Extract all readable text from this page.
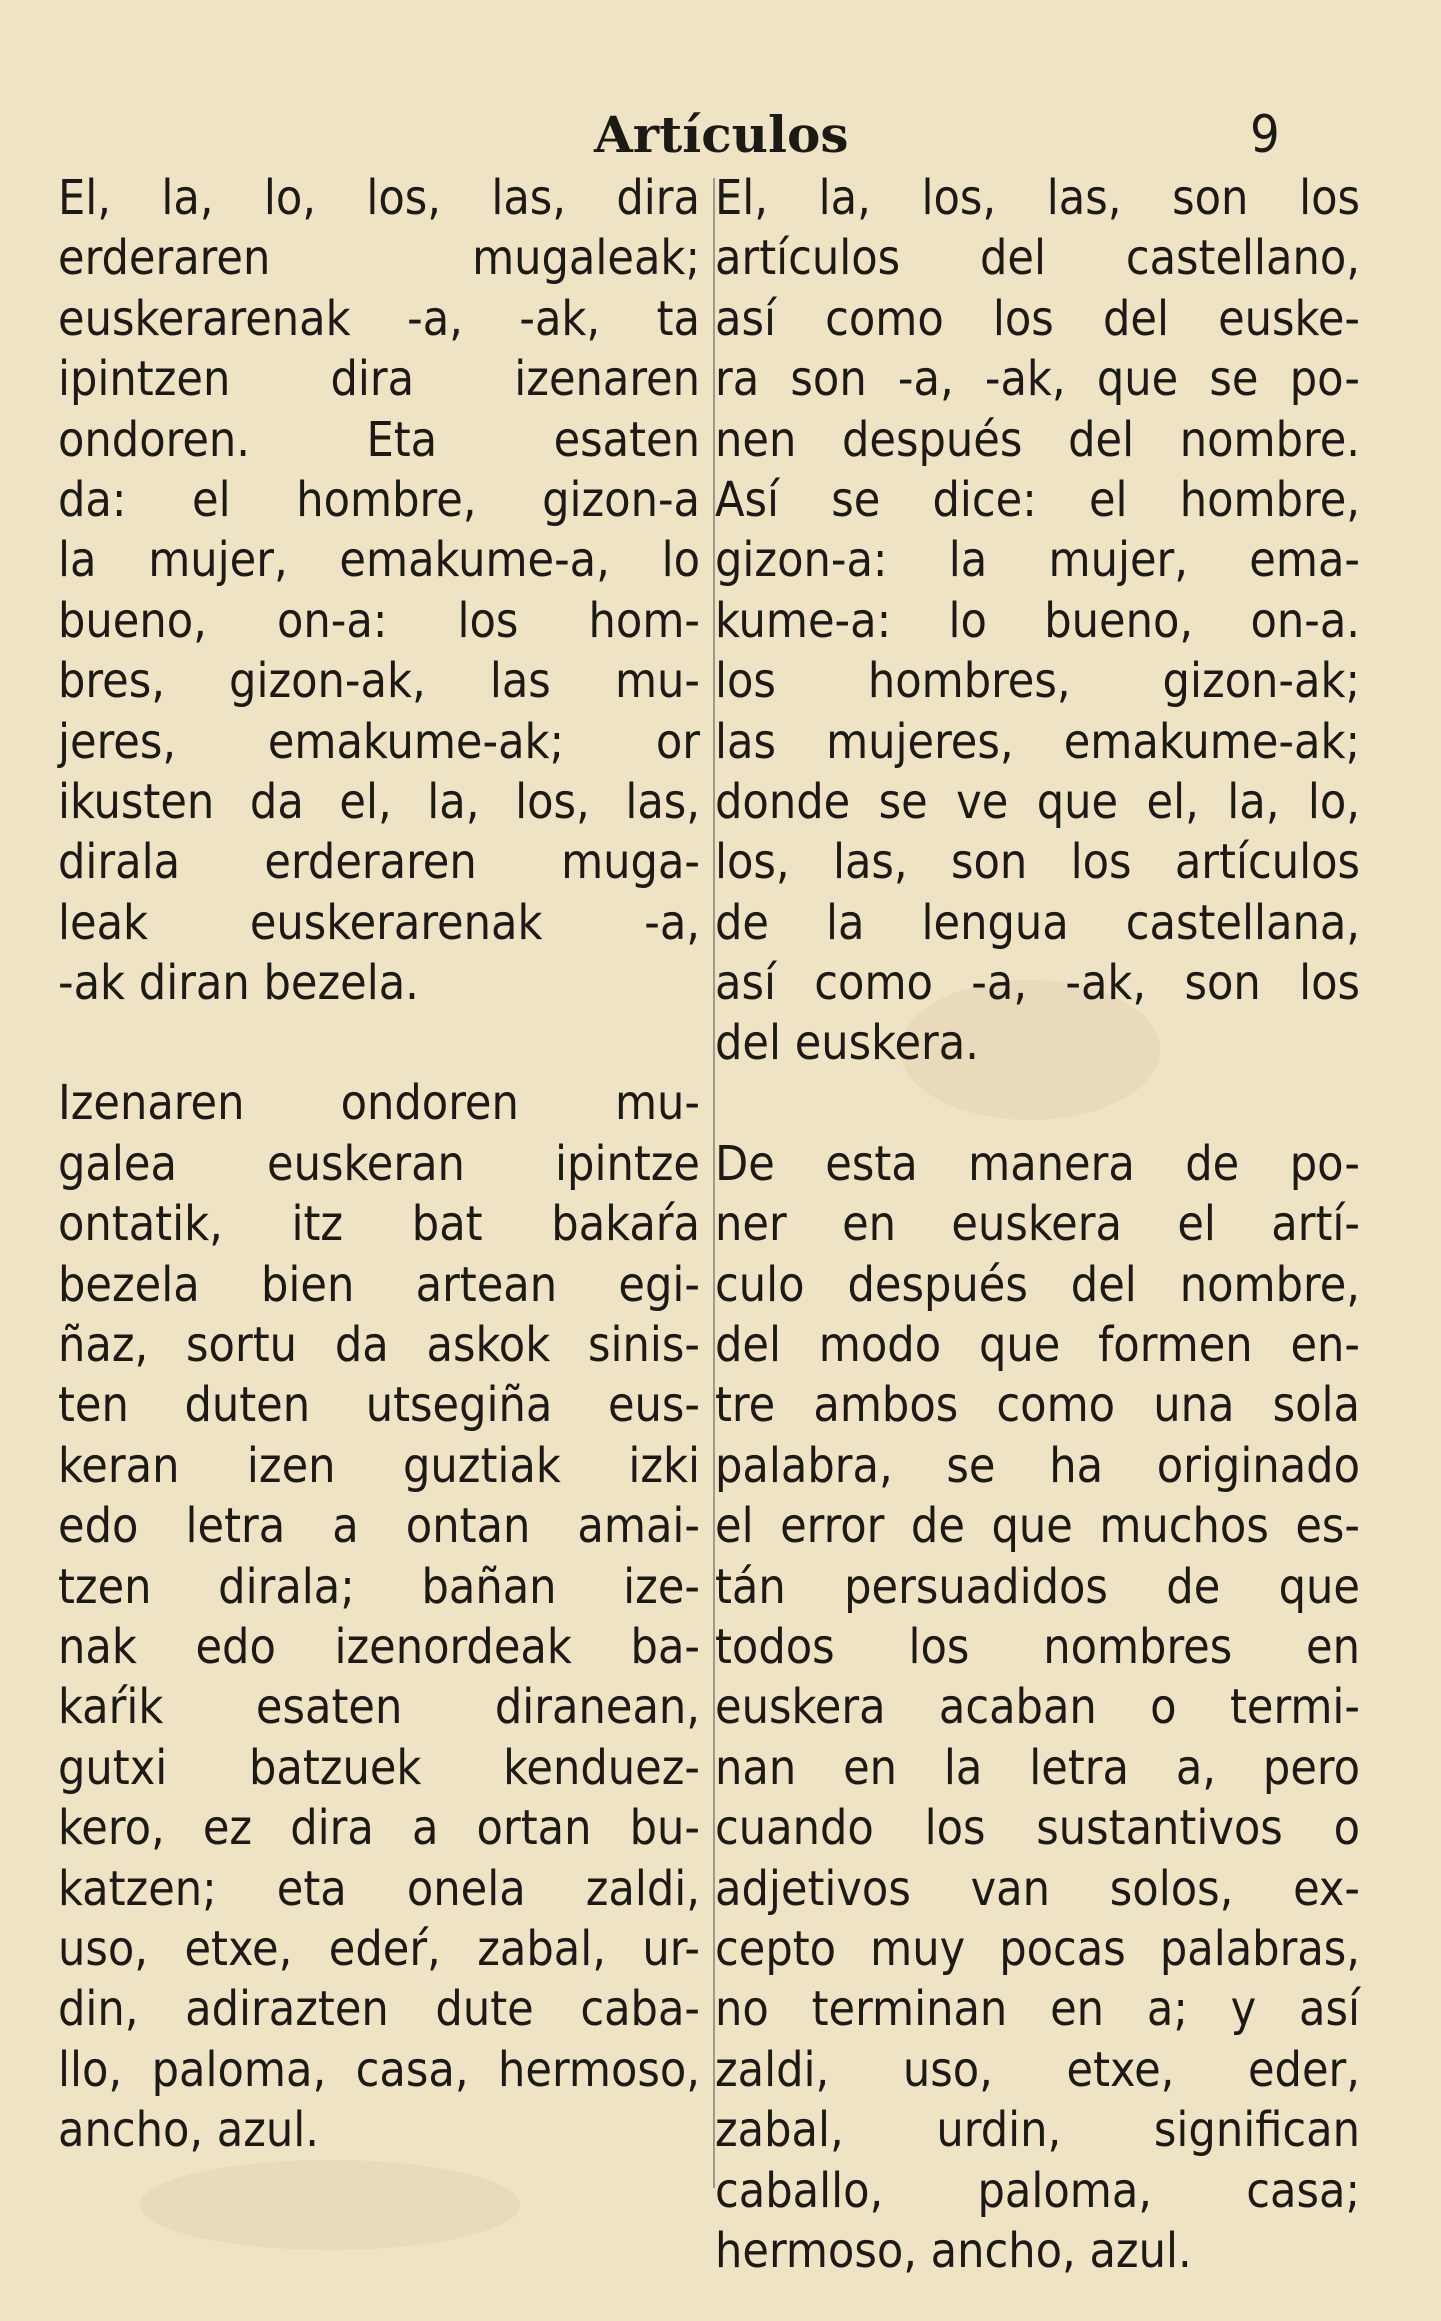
Artículos	9
El, la, lo, los, las, dira
erderaren mugaleak;
euskerarenak -a, -ak, ta
ipintzen dira izenaren
ondoren. Eta esaten
da: el hombre, gizon-a
la mujer, emakume-a, lo
bueno, on-a: los hom-
bres, gizon-ak, las mu-
jeres, emakume-ak; or
ikusten da el, la, los, las,
dirala erderaren muga-
leak euskerarenak -a,
-ak diran bezela.
Izenaren ondoren mu-
galea euskeran ipintze
ontatik, itz bat bakaŕa
bezela bien artean egi-
ñaz, sortu da askok sinis-
ten duten utsegiña eus-
keran izen guztiak izki
edo letra a ontan amai-
tzen dirala; bañan ize-
nak edo izenordeak ba-
kaŕik esaten diranean,
gutxi batzuek kenduez-
kero, ez dira a ortan bu-
katzen; eta onela zaldi,
uso, etxe, edeŕ, zabal, ur-
din, adirazten dute caba-
llo, paloma, casa, hermoso,
ancho, azul.
El, la, los, las, son los
artículos del castellano,
así como los del euske-
ra son -a, -ak, que se po-
nen después del nombre.
Así se dice: el hombre,
gizon-a: la mujer, ema-
kume-a: lo bueno, on-a.
los hombres, gizon-ak;
las mujeres, emakume-ak;
donde se ve que el, la, lo,
los, las, son los artículos
de la lengua castellana,
así como -a, -ak, son los
del euskera.
De esta manera de po-
ner en euskera el artí-
culo después del nombre,
del modo que formen en-
tre ambos como una sola
palabra, se ha originado
el error de que muchos es-
tán persuadidos de que
todos los nombres en
euskera acaban o termi-
nan en la letra a, pero
cuando los sustantivos o
adjetivos van solos, ex-
cepto muy pocas palabras,
no terminan en a; y así
zaldi, uso, etxe, eder,
zabal, urdin, significan
caballo, paloma, casa;
hermoso, ancho, azul.
